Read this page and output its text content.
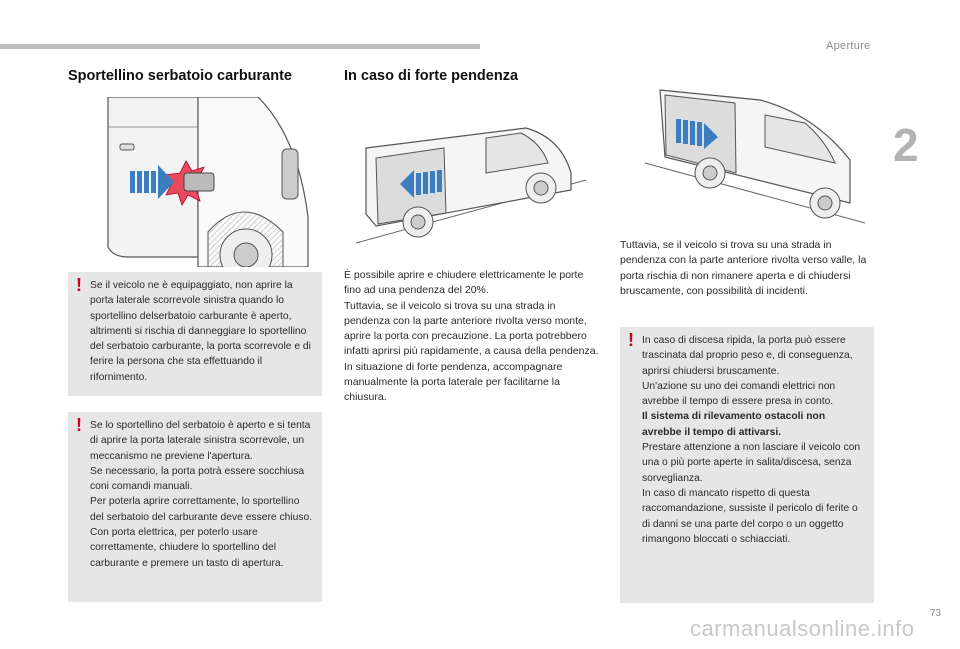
Aperture
2
Sportellino serbatoio carburante
! Se il veicolo ne è equipaggiato, non aprire la porta laterale scorrevole sinistra quando lo sportellino delserbatoio carburante è aperto, altrimenti si rischia di danneggiare lo sportellino del serbatoio carburante, la porta scorrevole e di ferire la persona che sta effettuando il rifornimento.

! Se lo sportellino del serbatoio è aperto e si tenta di aprire la porta laterale sinistra scorrevole, un meccanismo ne previene l'apertura.

Se necessario, la porta potrà essere socchiusa coni comandi manuali.

Per poterla aprire correttamente, lo sportellino del serbatoio del carburante deve essere chiuso.

Con porta elettrica, per poterlo usare correttamente, chiudere lo sportellino del carburante e premere un tasto di apertura.

In caso di forte pendenza

È possibile aprire e chiudere elettricamente le porte fino ad una pendenza del 20%.

Tuttavia, se il veicolo si trova su una strada in pendenza con la parte anteriore rivolta verso monte, aprire la porta con precauzione. La porta potrebbero infatti aprirsi più rapidamente, a causa della pendenza.

In situazione di forte pendenza, accompagnare manualmente la porta laterale per facilitarne la chiusura.

Tuttavia, se il veicolo si trova su una strada in pendenza con la parte anteriore rivolta verso valle, la porta rischia di non rimanere aperta e di chiudersi bruscamente, con possibilità di incidenti.

! In caso di discesa ripida, la porta può essere trascinata dal proprio peso e, di conseguenza, aprirsi chiudersi bruscamente.

Un'azione su uno dei comandi elettrici non avrebbe il tempo di essere presa in conto.

Il sistema di rilevamento ostacoli non avrebbe il tempo di attivarsi.

Prestare attenzione a non lasciare il veicolo con una o più porte aperte in salita/discesa, senza sorveglianza.

In caso di mancato rispetto di questa raccomandazione, sussiste il pericolo di ferite o di danni se una parte del corpo o un oggetto rimangono bloccati o schiacciati.

73
carmanualsonline.info
